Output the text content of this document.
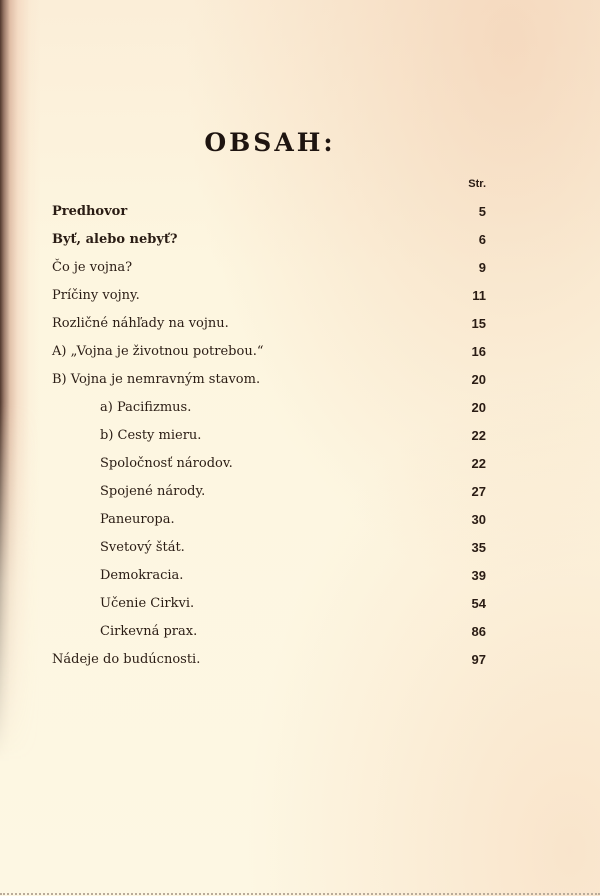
OBSAH:
Str.
Predhovor	5
Byť, alebo nebyť?	6
Čo je vojna?	9
Príčiny vojny.	11
Rozličné náhľady na vojnu.	15
A) „Vojna je životnou potrebou.“	16
B) Vojna je nemravným stavom.	20
a) Pacifizmus.	20
b) Cesty mieru.	22
Spoločnosť národov.	22
Spojené národy.	27
Paneuropa.	30
Svetový štát.	35
Demokracia.	39
Učenie Cirkvi.	54
Cirkevná prax.	86
Nádeje do budúcnosti.	97
